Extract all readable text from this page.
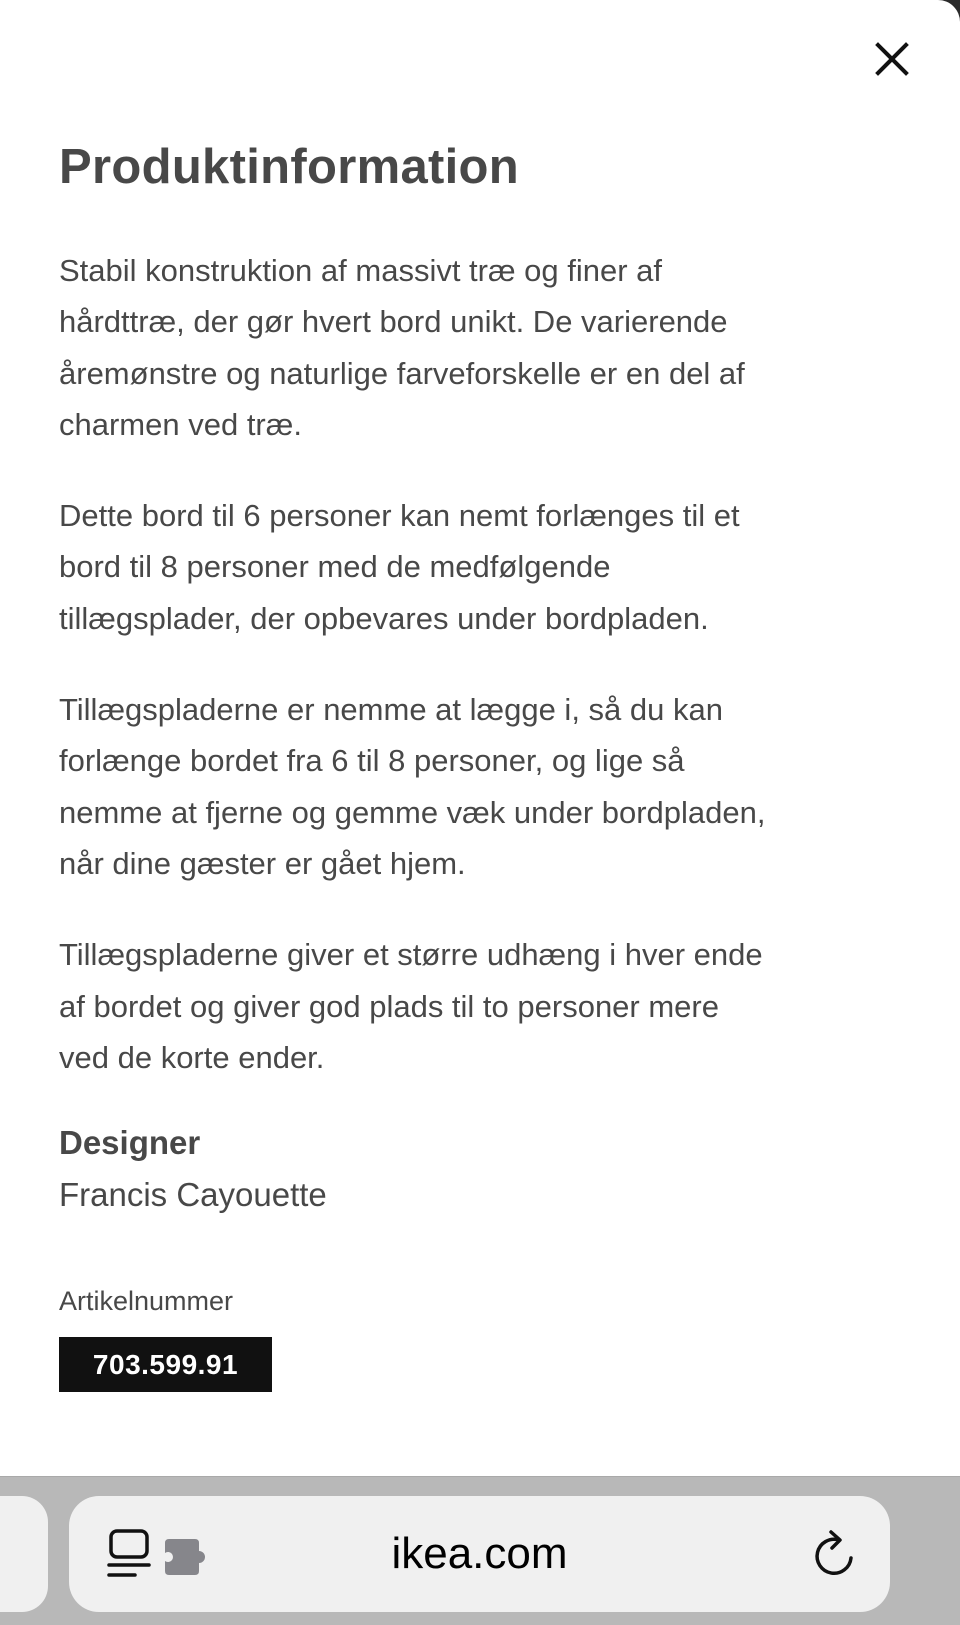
Produktinformation

Stabil konstruktion af massivt træ og finer af
hårdttræ, der gør hvert bord unikt. De varierende
åremønstre og naturlige farveforskelle er en del af
charmen ved træ.

Dette bord til 6 personer kan nemt forlænges til et
bord til 8 personer med de medfølgende
tillægsplader, der opbevares under bordpladen.

Tillægspladerne er nemme at lægge i, så du kan
forlænge bordet fra 6 til 8 personer, og lige så
nemme at fjerne og gemme væk under bordpladen,
når dine gæster er gået hjem.

Tillægspladerne giver et større udhæng i hver ende
af bordet og giver god plads til to personer mere
ved de korte ender.

Designer
Francis Cayouette
Artikelnummer
703.599.91
ikea.com
